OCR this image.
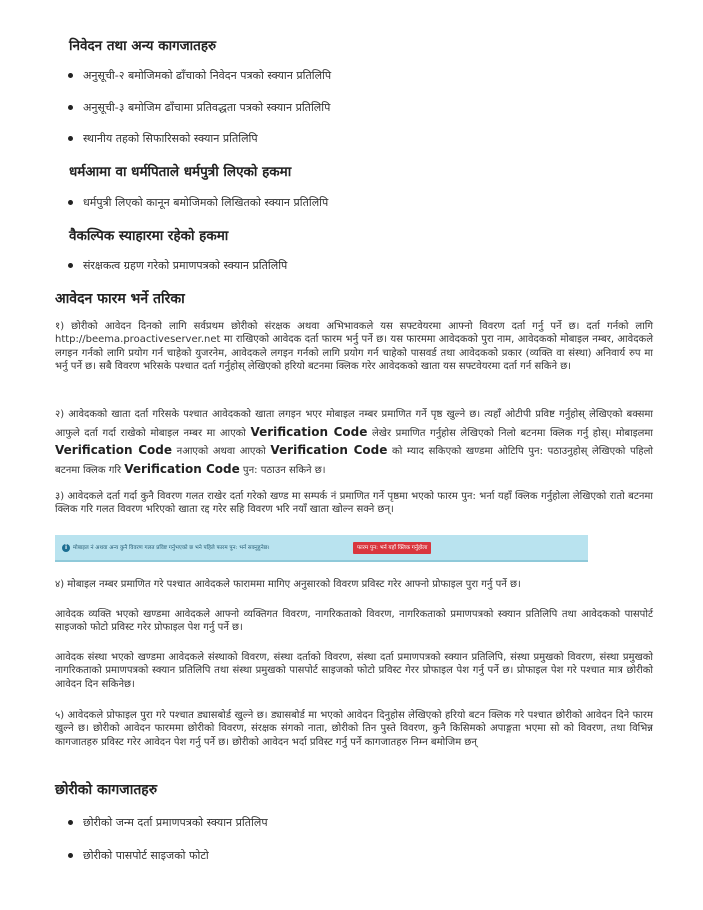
निवेदन तथा अन्य कागजातहरु
अनुसूची-२ बमोजिमको ढाँचाको निवेदन पत्रको स्क्यान प्रतिलिपि
अनुसूची-३ बमोजिम ढाँचामा प्रतिवद्धता पत्रको स्क्यान प्रतिलिपि
स्थानीय तहको सिफारिसको स्क्यान प्रतिलिपि
धर्मआमा वा धर्मपिताले धर्मपुत्री लिएको हकमा
धर्मपुत्री लिएको कानून बमोजिमको लिखितको स्क्यान प्रतिलिपि
वैकल्पिक स्याहारमा रहेको हकमा
संरक्षकत्व ग्रहण गरेको प्रमाणपत्रको स्क्यान प्रतिलिपि
आवेदन फारम भर्ने तरिका
१) छोरीको आवेदन दिनको लागि सर्वप्रथम छोरीको संरक्षक अथवा अभिभावकले यस सफ्टवेयरमा आफ्नो विवरण दर्ता गर्नु पर्ने छ। दर्ता गर्नको लागि http://beema.proactiveserver.net मा राखिएको आवेदक दर्ता फारम भर्नु पर्ने छ। यस फारममा आवेदकको पुरा नाम, आवेदकको मोबाइल नम्बर, आवेदकले लगइन गर्नको लागि प्रयोग गर्न चाहेको युजरनेम, आवेदकले लगइन गर्नको लागि प्रयोग गर्न चाहेको पासवर्ड तथा आवेदकको प्रकार (व्यक्ति वा संस्था) अनिवार्य रुप मा भर्नु पर्ने छ। सबै विवरण भरिसके पश्चात दर्ता गर्नुहोस् लेखिएको हरियो बटनमा क्लिक गरेर आवेदकको खाता यस सफ्टवेयरमा दर्ता गर्न सकिने छ।
२) आवेदकको खाता दर्ता गरिसके पश्चात आवेदकको खाता लगइन भएर मोबाइल नम्बर प्रमाणित गर्ने पृष्ठ खुल्ने छ। त्यहाँ ओटीपी प्रविष्ट गर्नुहोस् लेखिएको बक्समा आफुले दर्ता गर्दा राखेको मोबाइल नम्बर मा आएको Verification Code लेखेर प्रमाणित गर्नुहोस लेखिएको निलो बटनमा क्लिक गर्नु होस्। मोबाइलमा Verification Code नआएको अथवा आएको Verification Code को म्याद सकिएको खण्डमा ओटिपि पुन: पठाउनुहोस् लेखिएको पहिलो बटनमा क्लिक गरि Verification Code पुन: पठाउन सकिने छ।
३) आवेदकले दर्ता गर्दा कुनै विवरण गलत राखेर दर्ता गरेको खण्ड मा सम्पर्क नं प्रमाणित गर्ने पृष्ठमा भएको फारम पुन: भर्ना यहाँ क्लिक गर्नुहोला लेखिएको रातो बटनमा क्लिक गरि गलत विवरण भरिएको खाता रद्द गरेर सहि विवरण भरि नयाँ खाता खोल्न सक्ने छन्।
i	मोबाइल नं अथवा अन्य कुनै विवरण गलत प्रविष्ट गर्नुभएको छ भने पहिले फारम पुन: भर्न सक्नुहुनेछ।	फारम पुन: भर्न यहाँ क्लिक गर्नुहोला
४) मोबाइल नम्बर प्रमाणित गरे पश्चात आवेदकले फाराममा मागिए अनुसारको विवरण प्रविस्ट गरेर आफ्नो प्रोफाइल पुरा गर्नु पर्ने छ।
आवेदक व्यक्ति भएको खण्डमा आवेदकले आफ्नो व्यक्तिगत विवरण, नागरिकताको विवरण, नागरिकताको प्रमाणपत्रको स्क्यान प्रतिलिपि तथा आवेदकको पासपोर्ट साइजको फोटो प्रविस्ट गरेर प्रोफाइल पेश गर्नु पर्ने छ।
आवेदक संस्था भएको खण्डमा आवेदकले संस्थाको विवरण, संस्था दर्ताको विवरण, संस्था दर्ता प्रमाणपत्रको स्क्यान प्रतिलिपि, संस्था प्रमुखको विवरण, संस्था प्रमुखको नागरिकताको प्रमाणपत्रको स्क्यान प्रतिलिपि तथा संस्था प्रमुखको पासपोर्ट साइजको फोटो प्रविस्ट गेरर प्रोफाइल पेश गर्नु पर्ने छ। प्रोफाइल पेश गरे पश्चात मात्र छोरीको आवेदन दिन सकिनेछ।
५) आवेदकले प्रोफाइल पुरा गरे पश्चात ड्यासबोर्ड खुल्ने छ। ड्यासबोर्ड मा भएको आवेदन दिनुहोस लेखिएको हरियो बटन क्लिक गरे पश्चात छोरीको आवेदन दिने फारम खुल्ने छ। छोरीको आवेदन फारममा छोरीको विवरण, संरक्षक संगको नाता, छोरीको तिन पुस्ते विवरण, कुनै किसिमको अपाङ्गता भएमा सो को विवरण, तथा विभिन्न कागजातहरु प्रविस्ट गरेर आवेदन पेश गर्नु पर्ने छ। छोरीको आवेदन भर्दा प्रविस्ट गर्नु पर्ने कागजातहरु निम्न बमोजिम छन्
छोरीको कागजातहरु
छोरीको जन्म दर्ता प्रमाणपत्रको स्क्यान प्रतिलिप
छोरीको पासपोर्ट साइजको फोटो
